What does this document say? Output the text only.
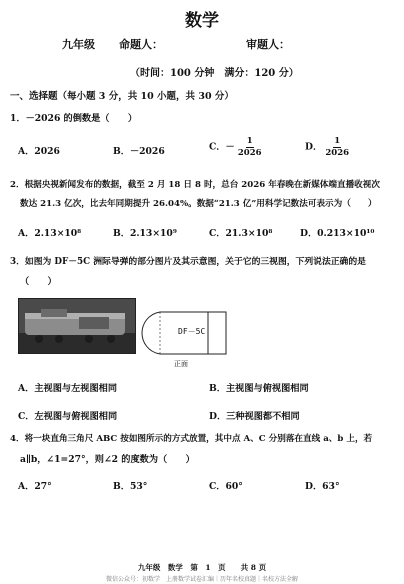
数学
九年级 命题人：	审题人：
（时间：100 分钟　满分：120 分）
一、选择题（每小题 3 分，共 10 小题，共 30 分）
1．－2026 的倒数是（　　）
A．2026	B．－2026	C．－ $\frac{1}{2026}$	D． $\frac{1}{2026}$
2．根据央视新闻发布的数据，截至 2 月 18 日 8 时，总台 2026 年春晚在新媒体端直播收视次
数达 21.3 亿次，比去年同期提升 26.04%。数据“21.3 亿”用科学记数法可表示为（　　）
A．2.13×10⁸	B．2.13×10⁹	C．21.3×10⁸	D．0.213×10¹⁰
3．如图为 DF－5C 洲际导弹的部分图片及其示意图，关于它的三视图，下列说法正确的是
（　　）
DF－5C
正面
A．主视图与左视图相同	B．主视图与俯视图相同
C．左视图与俯视图相同	D．三种视图都不相同
4．将一块直角三角尺 ABC 按如图所示的方式放置，其中点 A、C 分别落在直线 a、b 上，若
a∥b，∠1=27°，则∠2 的度数为（　　）
A．27°	B．53°	C．60°	D．63°
九年级　数学　第　1　页　　共 8 页
微信公众号：初数学　上册数学试卷汇编｜历年名校真题｜名校方法全解
